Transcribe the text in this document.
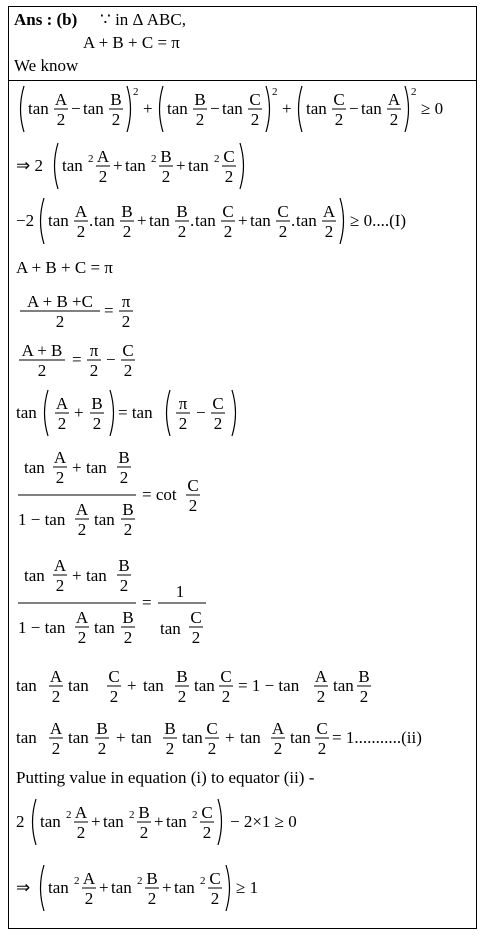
Ans : (b) ∵ in Δ ABC,
A + B + C = π
We know
tan A
2
− tan B
2
2
+ tan B
2
− tan C
2
2
+ tan C
2
− tan A
2
2
≥ 0
⇒ 2 tan 2 A
2
+ tan 2 B
2
+ tan 2 C
2
−2 tan A
2
. tan B
2
+ tan B
2
. tan C
2
+ tan C
2
. tan A
2
≥ 0....(I)
A + B + C = π
A + B +C
2
= π
2
A + B
2
= π
2
− C
2
tan A
2
+ B
2
= tan π
2
− C
2
tan
A
2
+ tan
B
2
1 − tan
A
2
tan
B
2
= cot C
2
tan
A
2
+ tan
B
2
1 − tan
A
2
tan
B
2
=
1
tan
C
2
tan A
2
tan C
2
+ tan B
2
tan C
2
= 1 − tan A
2
tan B
2
tan A
2
tan B
2
+ tan B
2
tan C
2
+ tan A
2
tan C
2
= 1...........(ii)
Putting value in equation (i) to equator (ii) -
2 tan 2 A
2
+ tan 2 B
2
+ tan 2 C
2
− 2×1 ≥ 0
⇒ tan 2 A
2
+ tan 2 B
2
+ tan 2 C
2
≥ 1
